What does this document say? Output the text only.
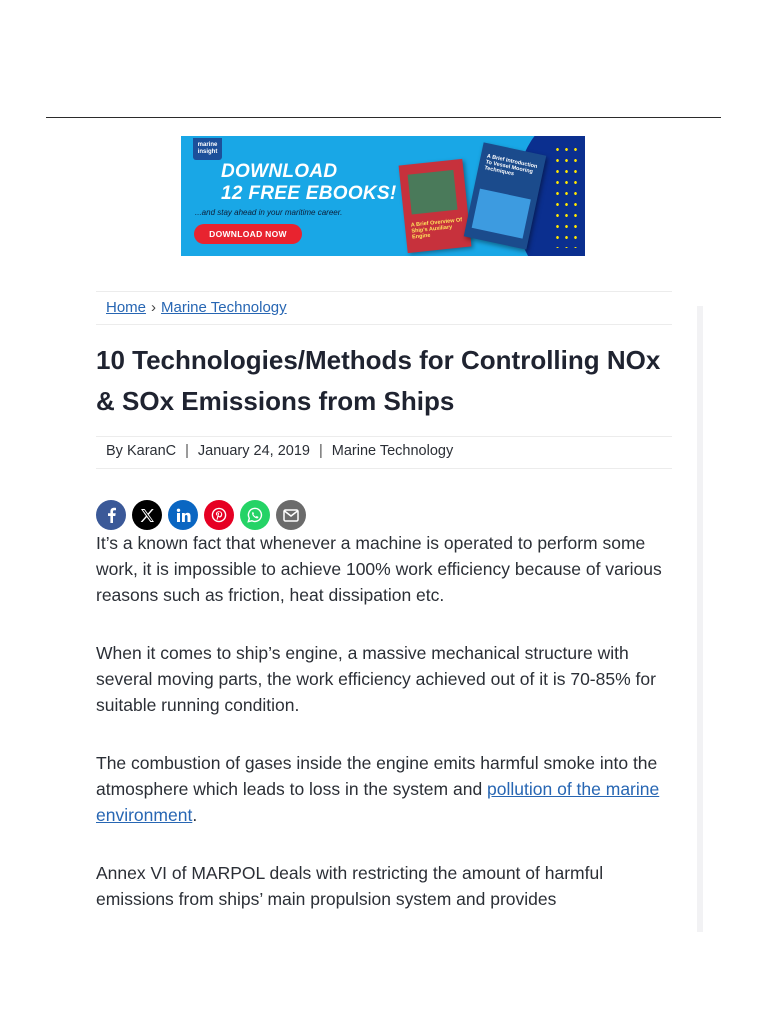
marine insight
DOWNLOAD
12 FREE EBOOKS!
...and stay ahead in your maritime career.
DOWNLOAD NOW
A Brief Overview Of Ship's Auxiliary Engine
A Brief Introduction To Vessel Mooring Techniques
Home › Marine Technology
10 Technologies/Methods for Controlling NOx & SOx Emissions from Ships
By KaranC | January 24, 2019 | Marine Technology

It’s a known fact that whenever a machine is operated to perform some work, it is impossible to achieve 100% work efficiency because of various reasons such as friction, heat dissipation etc.

When it comes to ship’s engine, a massive mechanical structure with several moving parts, the work efficiency achieved out of it is 70-85% for suitable running condition.

The combustion of gases inside the engine emits harmful smoke into the atmosphere which leads to loss in the system and pollution of the marine environment.

Annex VI of MARPOL deals with restricting the amount of harmful emissions from ships’ main propulsion system and provides
